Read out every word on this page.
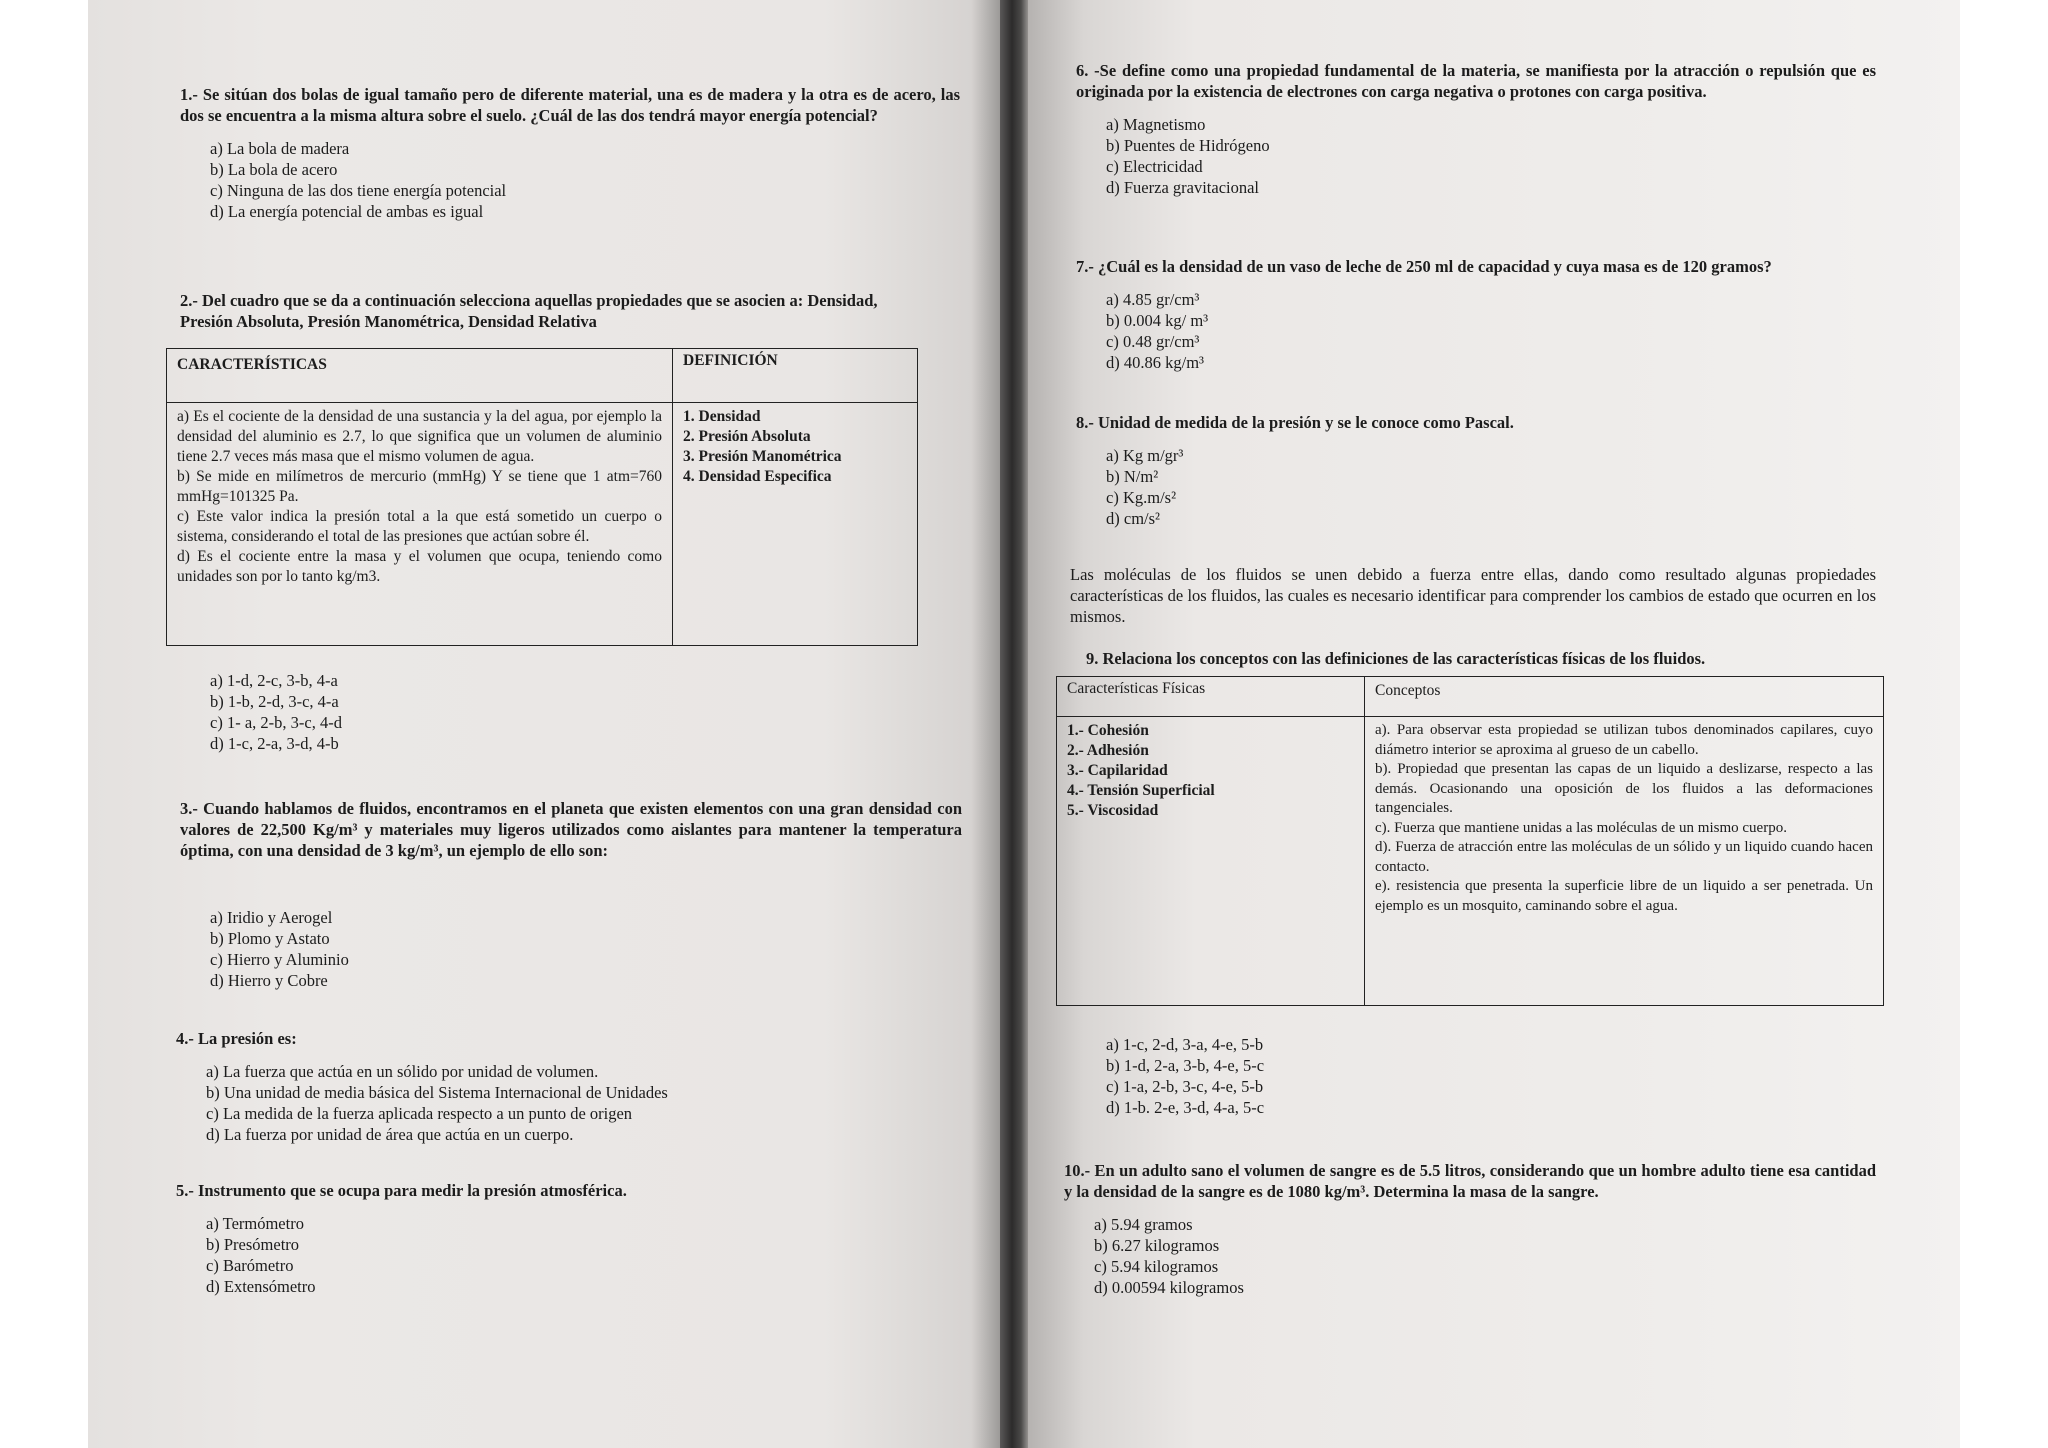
1.- Se sitúan dos bolas de igual tamaño pero de diferente material, una es de madera y la otra es de acero, las dos se encuentra a la misma altura sobre el suelo. ¿Cuál de las dos tendrá mayor energía potencial?
a) La bola de madera
b) La bola de acero
c) Ninguna de las dos tiene energía potencial
d) La energía potencial de ambas es igual
2.- Del cuadro que se da a continuación selecciona aquellas propiedades que se asocien a: Densidad, Presión Absoluta, Presión Manométrica, Densidad Relativa
CARACTERÍSTICAS	DEFINICIÓN
a) Es el cociente de la densidad de una sustancia y la del agua, por ejemplo la densidad del aluminio es 2.7, lo que significa que un volumen de aluminio tiene 2.7 veces más masa que el mismo volumen de agua.
b) Se mide en milímetros de mercurio (mmHg) Y se tiene que 1 atm=760 mmHg=101325 Pa.
c) Este valor indica la presión total a la que está sometido un cuerpo o sistema, considerando el total de las presiones que actúan sobre él.
d) Es el cociente entre la masa y el volumen que ocupa, teniendo como unidades son por lo tanto kg/m3.
1. Densidad
2. Presión Absoluta
3. Presión Manométrica
4. Densidad Especifica
a) 1-d, 2-c, 3-b, 4-a
b) 1-b, 2-d, 3-c, 4-a
c) 1- a, 2-b, 3-c, 4-d
d) 1-c, 2-a, 3-d, 4-b
3.- Cuando hablamos de fluidos, encontramos en el planeta que existen elementos con una gran densidad con valores de 22,500 Kg/m³ y materiales muy ligeros utilizados como aislantes para mantener la temperatura óptima, con una densidad de 3 kg/m³, un ejemplo de ello son:
a) Iridio y Aerogel
b) Plomo y Astato
c) Hierro y Aluminio
d) Hierro y Cobre
4.- La presión es:
a) La fuerza que actúa en un sólido por unidad de volumen.
b) Una unidad de media básica del Sistema Internacional de Unidades
c) La medida de la fuerza aplicada respecto a un punto de origen
d) La fuerza por unidad de área que actúa en un cuerpo.
5.- Instrumento que se ocupa para medir la presión atmosférica.
a) Termómetro
b) Presómetro
c) Barómetro
d) Extensómetro
6. -Se define como una propiedad fundamental de la materia, se manifiesta por la atracción o repulsión que es originada por la existencia de electrones con carga negativa o protones con carga positiva.
a) Magnetismo
b) Puentes de Hidrógeno
c) Electricidad
d) Fuerza gravitacional
7.- ¿Cuál es la densidad de un vaso de leche de 250 ml de capacidad y cuya masa es de 120 gramos?
a) 4.85 gr/cm³
b) 0.004 kg/ m³
c) 0.48 gr/cm³
d) 40.86 kg/m³
8.- Unidad de medida de la presión y se le conoce como Pascal.
a) Kg m/gr³
b) N/m²
c) Kg.m/s²
d) cm/s²
Las moléculas de los fluidos se unen debido a fuerza entre ellas, dando como resultado algunas propiedades características de los fluidos, las cuales es necesario identificar para comprender los cambios de estado que ocurren en los mismos.
9. Relaciona los conceptos con las definiciones de las características físicas de los fluidos.
Características Físicas	Conceptos
1.- Cohesión
2.- Adhesión
3.- Capilaridad
4.- Tensión Superficial
5.- Viscosidad
a). Para observar esta propiedad se utilizan tubos denominados capilares, cuyo diámetro interior se aproxima al grueso de un cabello.
b). Propiedad que presentan las capas de un liquido a deslizarse, respecto a las demás. Ocasionando una oposición de los fluidos a las deformaciones tangenciales.
c). Fuerza que mantiene unidas a las moléculas de un mismo cuerpo.
d). Fuerza de atracción entre las moléculas de un sólido y un liquido cuando hacen contacto.
e). resistencia que presenta la superficie libre de un liquido a ser penetrada. Un ejemplo es un mosquito, caminando sobre el agua.
a) 1-c, 2-d, 3-a, 4-e, 5-b
b) 1-d, 2-a, 3-b, 4-e, 5-c
c) 1-a, 2-b, 3-c, 4-e, 5-b
d) 1-b. 2-e, 3-d, 4-a, 5-c
10.- En un adulto sano el volumen de sangre es de 5.5 litros, considerando que un hombre adulto tiene esa cantidad y la densidad de la sangre es de 1080 kg/m³. Determina la masa de la sangre.
a) 5.94 gramos
b) 6.27 kilogramos
c) 5.94 kilogramos
d) 0.00594 kilogramos
